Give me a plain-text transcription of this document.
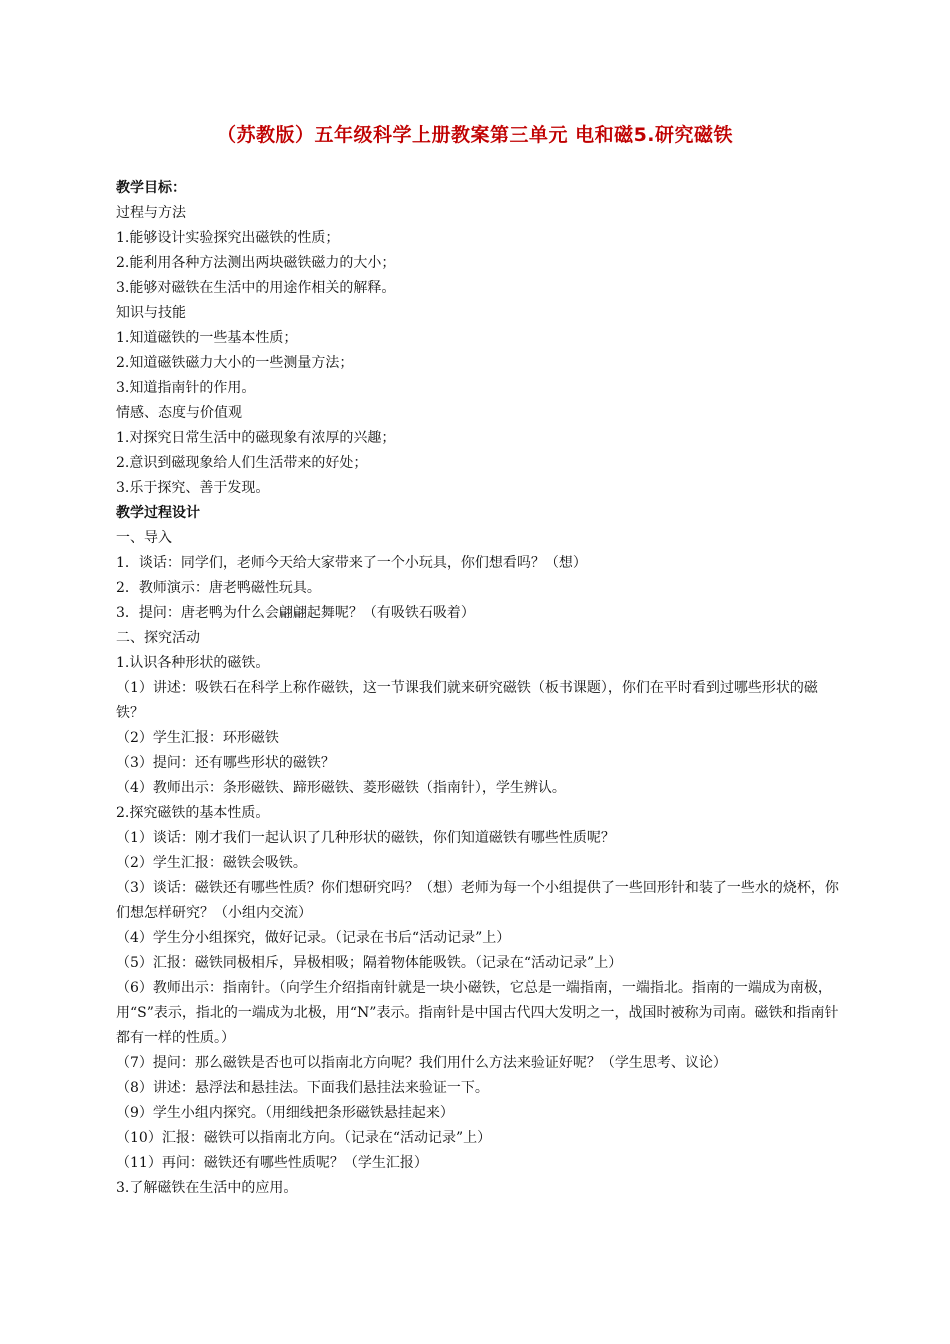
（苏教版）五年级科学上册教案第三单元 电和磁5.研究磁铁
教学目标：
过程与方法
1.能够设计实验探究出磁铁的性质；
2.能利用各种方法测出两块磁铁磁力的大小；
3.能够对磁铁在生活中的用途作相关的解释。
知识与技能
1.知道磁铁的一些基本性质；
2.知道磁铁磁力大小的一些测量方法；
3.知道指南针的作用。
情感、态度与价值观
1.对探究日常生活中的磁现象有浓厚的兴趣；
2.意识到磁现象给人们生活带来的好处；
3.乐于探究、善于发现。
教学过程设计
一、导入
1．谈话：同学们，老师今天给大家带来了一个小玩具，你们想看吗？（想）
2．教师演示：唐老鸭磁性玩具。
3．提问：唐老鸭为什么会翩翩起舞呢？（有吸铁石吸着）
二、探究活动
1.认识各种形状的磁铁。
（1）讲述：吸铁石在科学上称作磁铁，这一节课我们就来研究磁铁（板书课题），你们在平时看到过哪些形状的磁铁？
（2）学生汇报：环形磁铁
（3）提问：还有哪些形状的磁铁？
（4）教师出示：条形磁铁、蹄形磁铁、菱形磁铁（指南针），学生辨认。
2.探究磁铁的基本性质。
（1）谈话：刚才我们一起认识了几种形状的磁铁，你们知道磁铁有哪些性质呢？
（2）学生汇报：磁铁会吸铁。
（3）谈话：磁铁还有哪些性质？你们想研究吗？（想）老师为每一个小组提供了一些回形针和装了一些水的烧杯，你们想怎样研究？（小组内交流）
（4）学生分小组探究，做好记录。（记录在书后“活动记录”上）
（5）汇报：磁铁同极相斥，异极相吸；隔着物体能吸铁。（记录在“活动记录”上）
（6）教师出示：指南针。（向学生介绍指南针就是一块小磁铁，它总是一端指南，一端指北。指南的一端成为南极，用“S”表示，指北的一端成为北极，用“N”表示。指南针是中国古代四大发明之一，战国时被称为司南。磁铁和指南针都有一样的性质。）
（7）提问：那么磁铁是否也可以指南北方向呢？我们用什么方法来验证好呢？（学生思考、议论）
（8）讲述：悬浮法和悬挂法。下面我们悬挂法来验证一下。
（9）学生小组内探究。（用细线把条形磁铁悬挂起来）
（10）汇报：磁铁可以指南北方向。（记录在“活动记录”上）
（11）再问：磁铁还有哪些性质呢？（学生汇报）
3.了解磁铁在生活中的应用。
